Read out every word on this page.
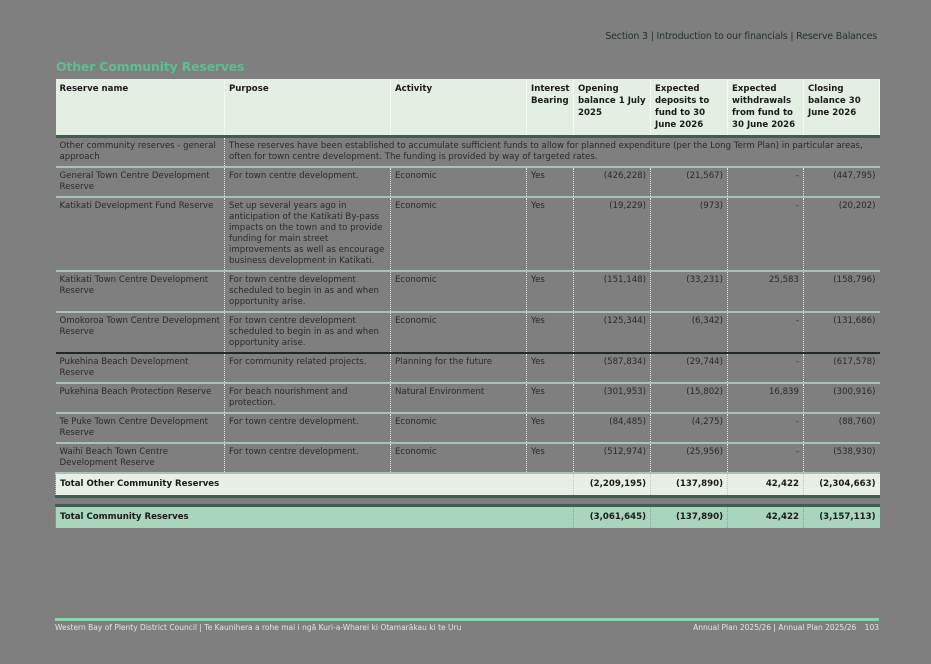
Section 3 | Introduction to our financials | Reserve Balances
Other Community Reserves
Reserve name	Purpose	Activity	Interest Bearing	Opening balance 1 July 2025	Expected deposits to fund to 30 June 2026	Expected withdrawals from fund to 30 June 2026	Closing balance 30 June 2026
Other community reserves - general approach	These reserves have been established to accumulate sufficient funds to allow for planned expenditure (per the Long Term Plan) in particular areas, often for town centre development. The funding is provided by way of targeted rates.						
General Town Centre Development Reserve	For town centre development.	Economic	Yes	(426,228)	(21,567)	-	(447,795)
Katikati Development Fund Reserve	Set up several years ago in anticipation of the Katikati By-pass impacts on the town and to provide funding for main street improvements as well as encourage business development in Katikati.	Economic	Yes	(19,229)	(973)	-	(20,202)
Katikati Town Centre Development Reserve	For town centre development scheduled to begin in as and when opportunity arise.	Economic	Yes	(151,148)	(33,231)	25,583	(158,796)
Omokoroa Town Centre Development Reserve	For town centre development scheduled to begin in as and when opportunity arise.	Economic	Yes	(125,344)	(6,342)	-	(131,686)
Pukehina Beach Development Reserve	For community related projects.	Planning for the future	Yes	(587,834)	(29,744)	-	(617,578)
Pukehina Beach Protection Reserve	For beach nourishment and protection.	Natural Environment	Yes	(301,953)	(15,802)	16,839	(300,916)
Te Puke Town Centre Development Reserve	For town centre development.	Economic	Yes	(84,485)	(4,275)	-	(88,760)
Waihi Beach Town Centre Development Reserve	For town centre development.	Economic	Yes	(512,974)	(25,956)	-	(538,930)
Total Other Community Reserves				(2,209,195)	(137,890)	42,422	(2,304,663)

Total Community Reserves				(3,061,645)	(137,890)	42,422	(3,157,113)
Western Bay of Plenty District Council | Te Kaunihera a rohe mai i ngā Kuri-a-Wharei ki Otamarākau ki te Uru	Annual Plan 2025/26 | Annual Plan 2025/26 103
